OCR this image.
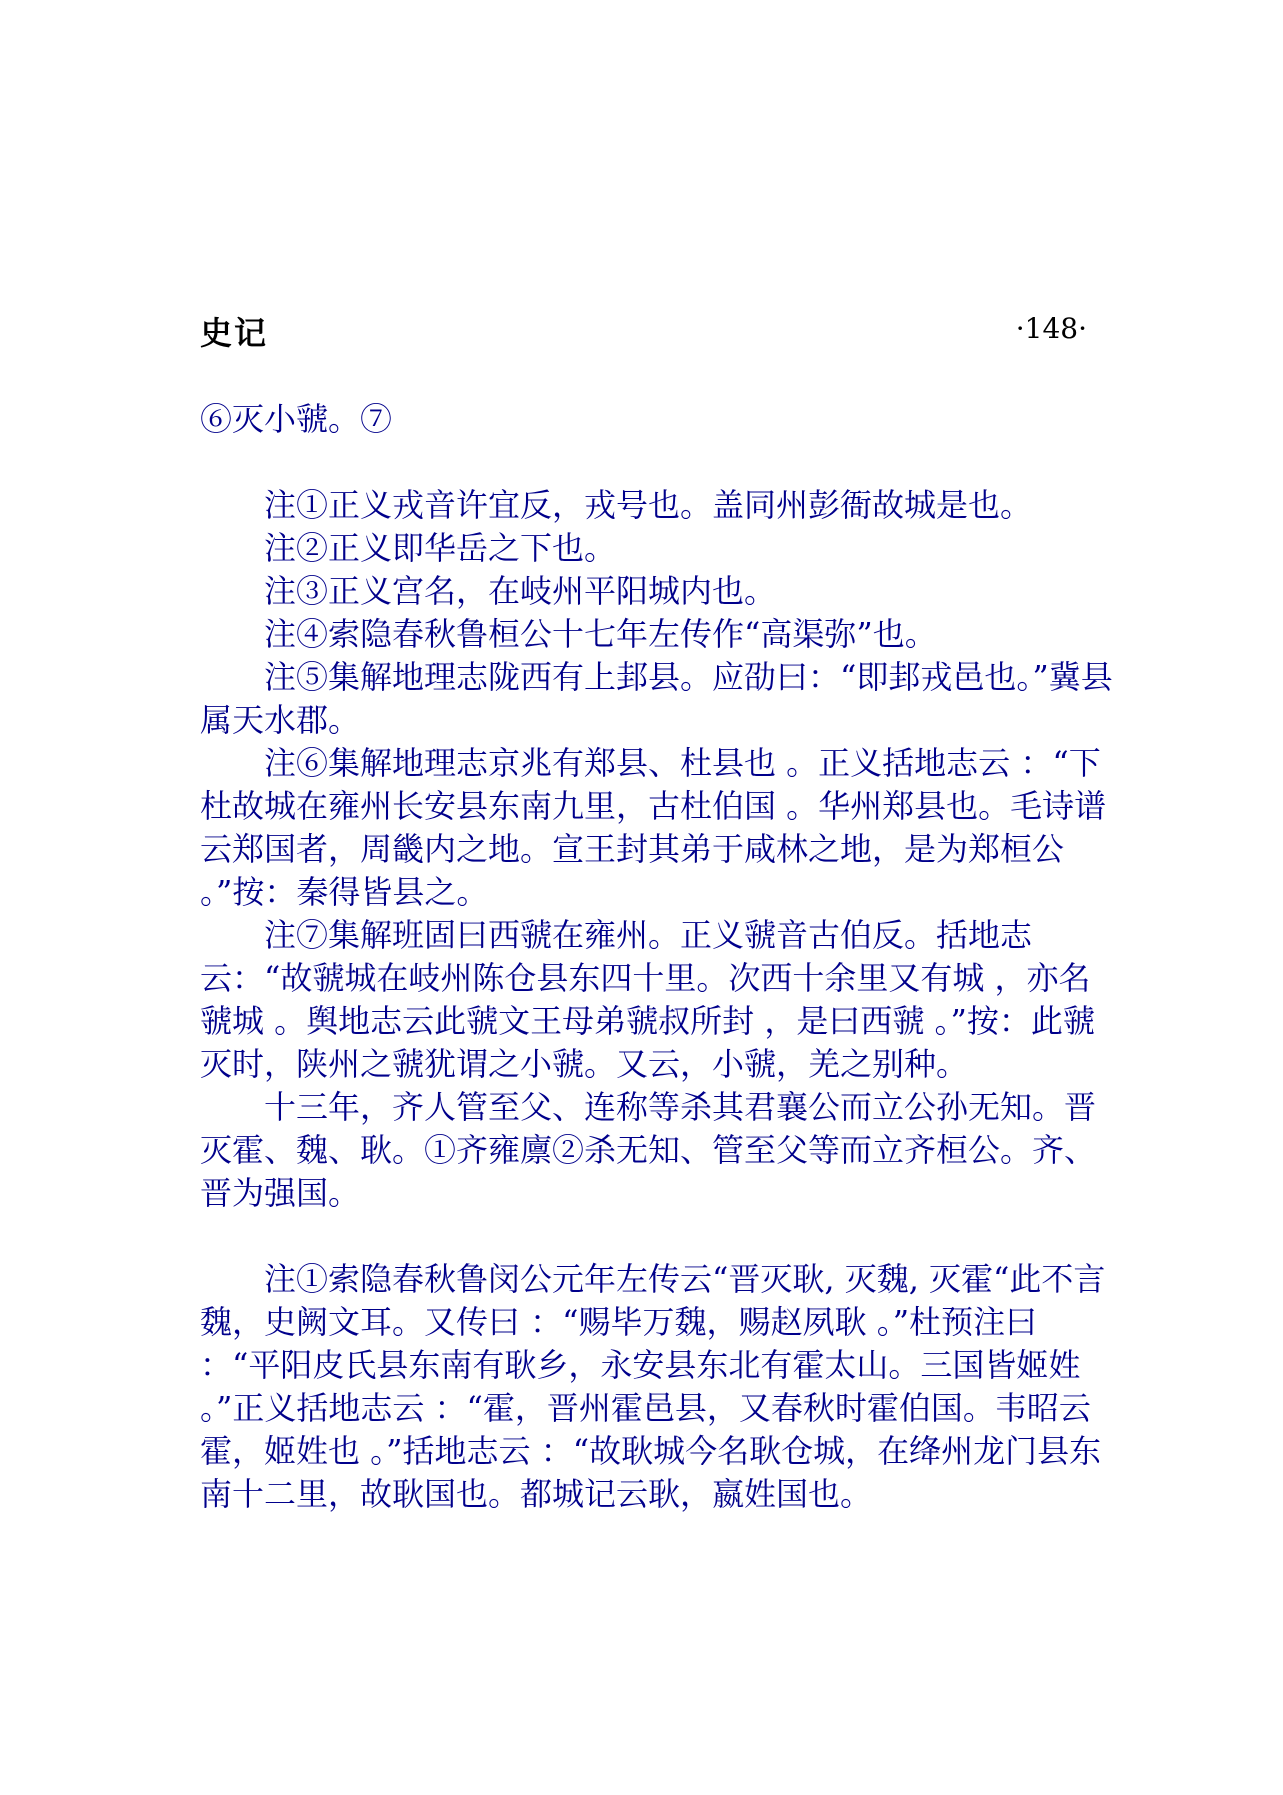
史记	·148·

⑥灭小虢。⑦

注①正义戎音许宜反，戎号也。盖同州彭衙故城是也。

注②正义即华岳之下也。

注③正义宫名，在岐州平阳城内也。

注④索隐春秋鲁桓公十七年左传作“高渠弥”也。

注⑤集解地理志陇西有上邽县。应劭曰：“即邽戎邑也。”冀县属天水郡。

注⑥集解地理志京兆有郑县、杜县也 。正义括地志云 ：“下杜故城在雍州长安县东南九里，古杜伯国 。华州郑县也。毛诗谱云郑国者，周畿内之地。宣王封其弟于咸林之地，是为郑桓公 。”按：秦得皆县之。

注⑦集解班固曰西虢在雍州。正义虢音古伯反。括地志云：“故虢城在岐州陈仓县东四十里。次西十余里又有城 ，亦名虢城 。舆地志云此虢文王母弟虢叔所封 ，是曰西虢 。”按：此虢灭时，陕州之虢犹谓之小虢。又云，小虢，羌之别种。

十三年，齐人管至父、连称等杀其君襄公而立公孙无知。晋灭霍、魏、耿。①齐雍廪②杀无知、管至父等而立齐桓公。齐、晋为强国。

注①索隐春秋鲁闵公元年左传云“晋灭耿, 灭魏, 灭霍“此不言魏，史阙文耳。又传曰 ：“赐毕万魏，赐赵夙耿 。”杜预注曰 ：“平阳皮氏县东南有耿乡，永安县东北有霍太山。三国皆姬姓 。”正义括地志云 ：“霍，晋州霍邑县，又春秋时霍伯国。韦昭云霍，姬姓也 。”括地志云 ：“故耿城今名耿仓城，在绛州龙门县东南十二里，故耿国也。都城记云耿，嬴姓国也。
